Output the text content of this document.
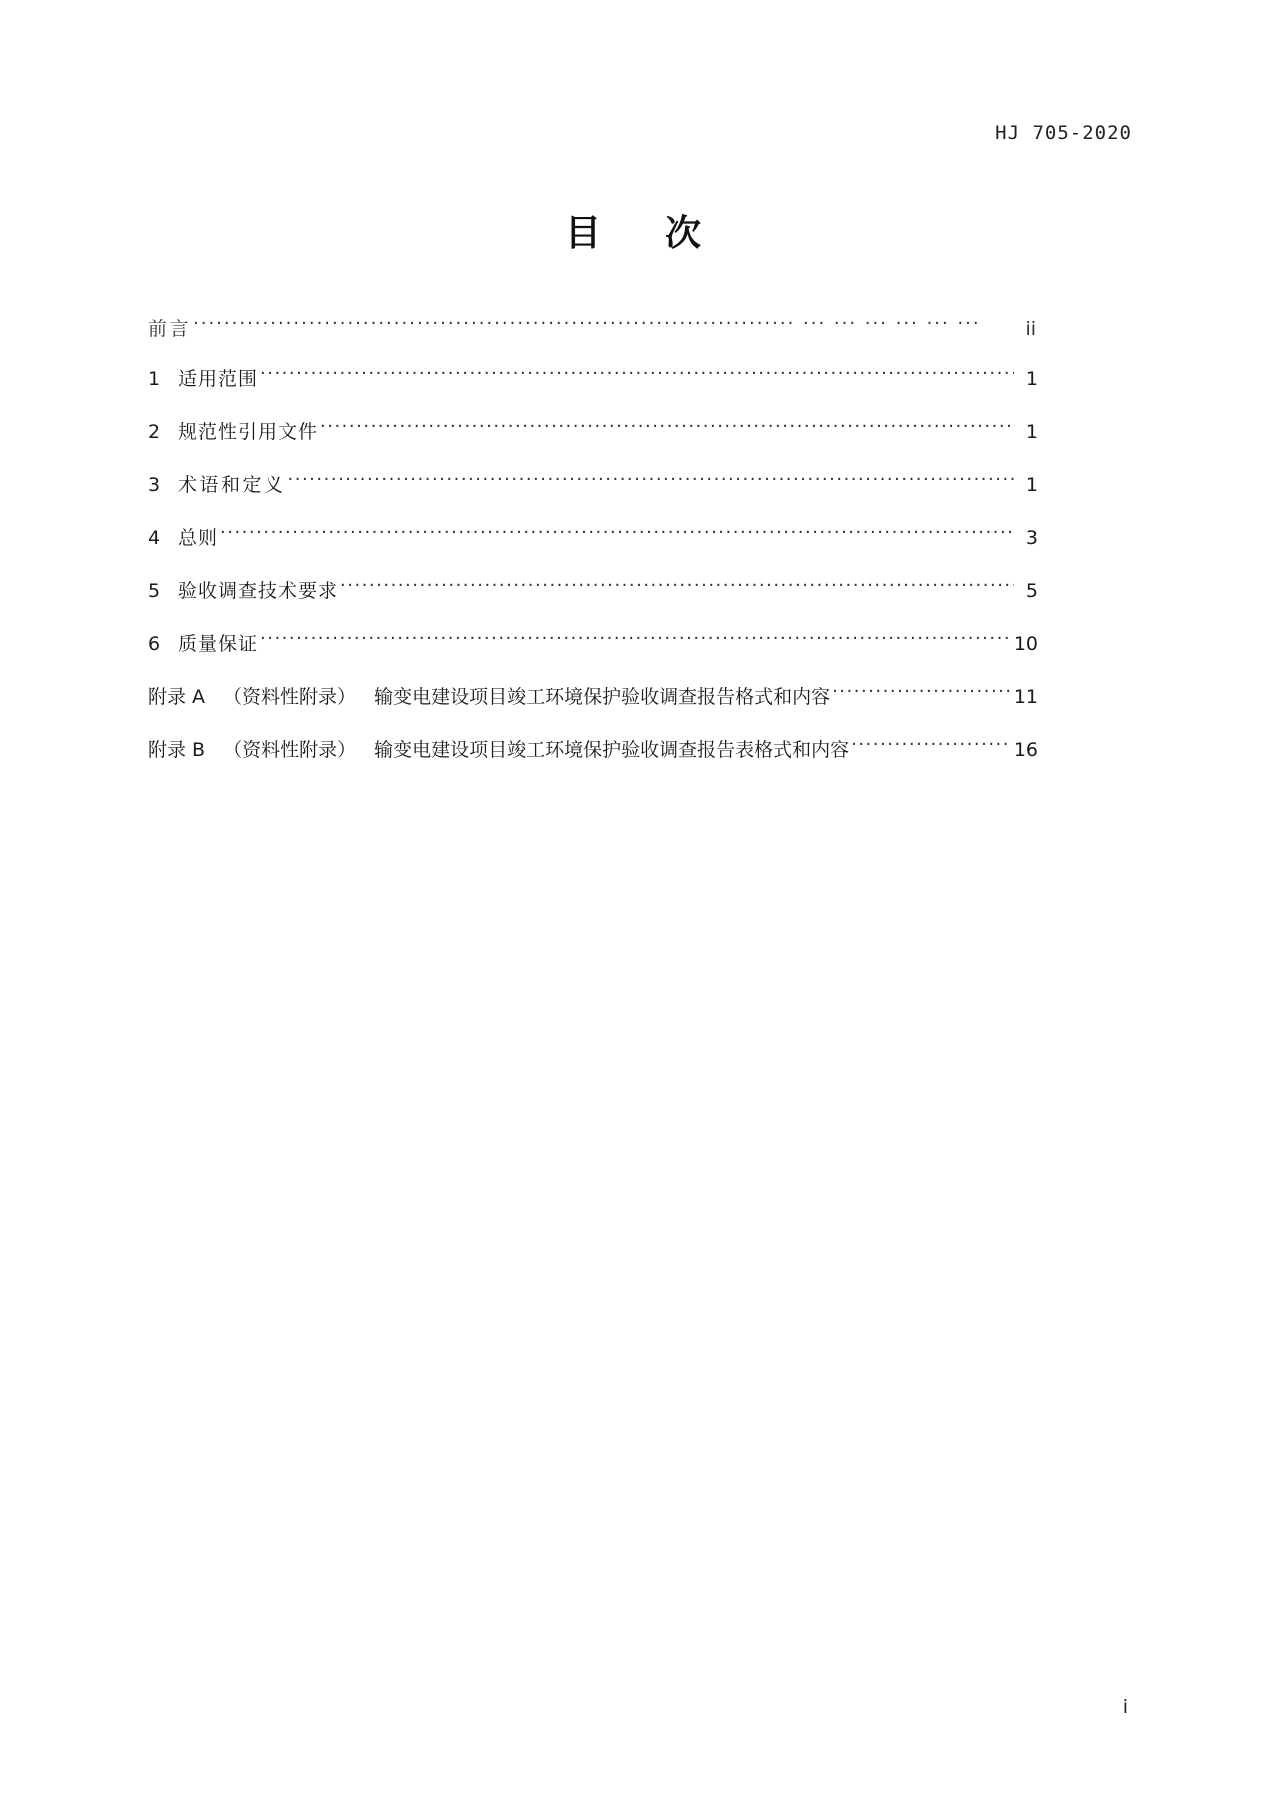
HJ 705-2020
目　次
前言 .....	ii
1 适用范围 .....	1
2 规范性引用文件 .....	1
3 术语和定义 .....	1
4 总则 .....	3
5 验收调查技术要求 .....	5
6 质量保证 .....	10
附录 A （资料性附录） 输变电建设项目竣工环境保护验收调查报告格式和内容 .....	11
附录 B （资料性附录） 输变电建设项目竣工环境保护验收调查报告表格式和内容 .....	16
i
